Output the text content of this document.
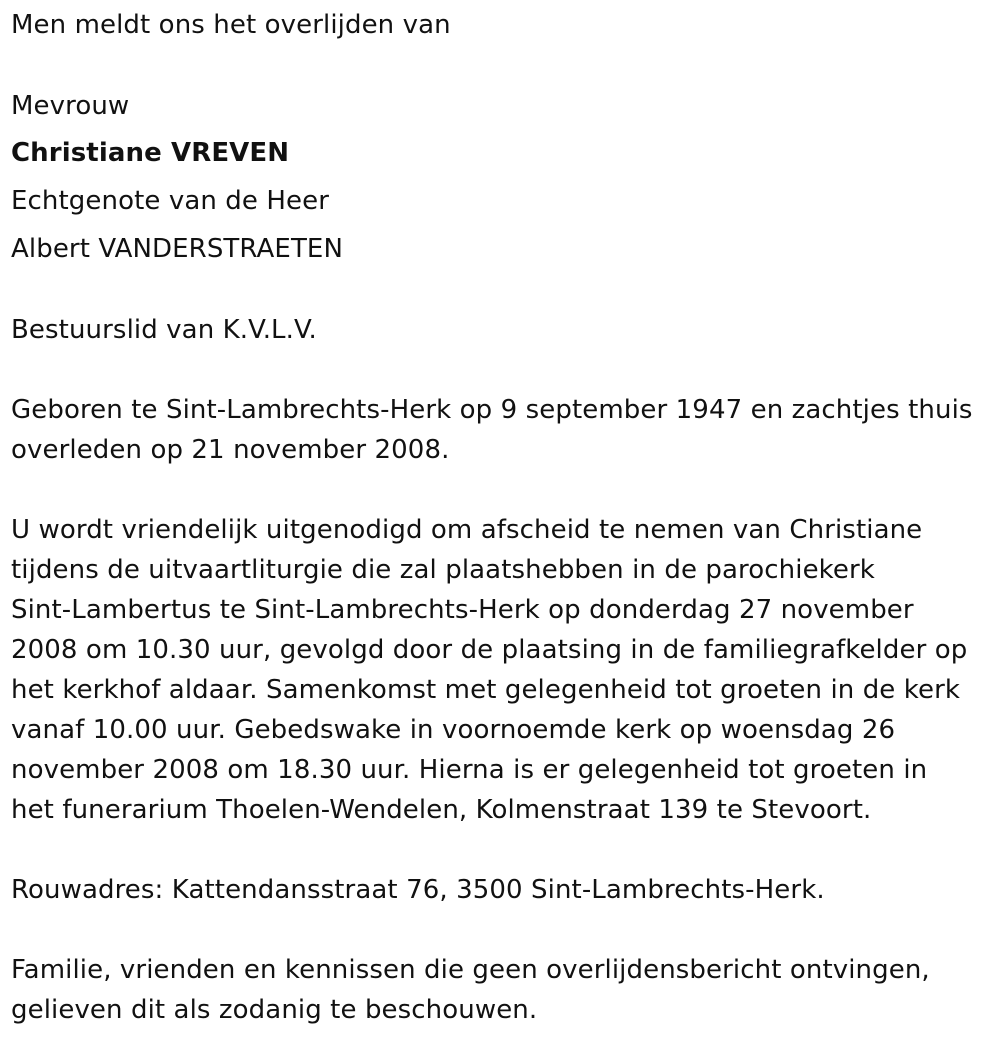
Men meldt ons het overlijden van
Mevrouw
Christiane VREVEN
Echtgenote van de Heer
Albert VANDERSTRAETEN
Bestuurslid van K.V.L.V.
Geboren te Sint-Lambrechts-Herk op 9 september 1947 en zachtjes thuis
overleden op 21 november 2008.
U wordt vriendelijk uitgenodigd om afscheid te nemen van Christiane
tijdens de uitvaartliturgie die zal plaatshebben in de parochiekerk
Sint-Lambertus te Sint-Lambrechts-Herk op donderdag 27 november
2008 om 10.30 uur, gevolgd door de plaatsing in de familiegrafkelder op
het kerkhof aldaar. Samenkomst met gelegenheid tot groeten in de kerk
vanaf 10.00 uur. Gebedswake in voornoemde kerk op woensdag 26
november 2008 om 18.30 uur. Hierna is er gelegenheid tot groeten in
het funerarium Thoelen-Wendelen, Kolmenstraat 139 te Stevoort.
Rouwadres: Kattendansstraat 76, 3500 Sint-Lambrechts-Herk.
Familie, vrienden en kennissen die geen overlijdensbericht ontvingen,
gelieven dit als zodanig te beschouwen.
